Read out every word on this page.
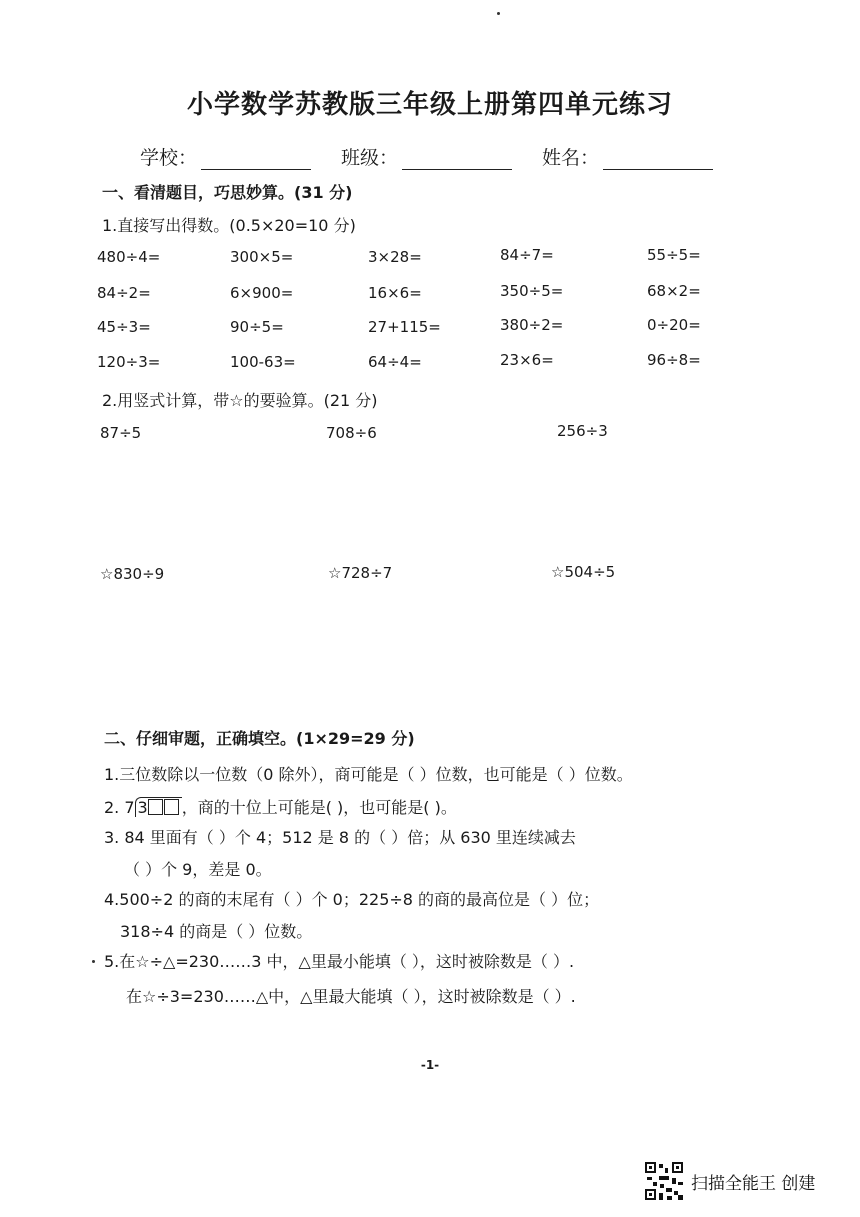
小学数学苏教版三年级上册第四单元练习
学校：	班级：	姓名：
一、看清题目，巧思妙算。(31 分)
1.直接写出得数。(0.5×20=10 分)
480÷4=	300×5=	3×28=	84÷7=	55÷5=
84÷2=	6×900=	16×6=	350÷5=	68×2=
45÷3=	90÷5=	27+115=	380÷2=	0÷20=
120÷3=	100-63=	64÷4=	23×6=	96÷8=
2.用竖式计算，带☆的要验算。(21 分)
87÷5	708÷6	256÷3
☆830÷9	☆728÷7	☆504÷5
二、仔细审题，正确填空。(1×29=29 分)
1.三位数除以一位数（0 除外），商可能是（ ）位数，也可能是（ ）位数。
2. 7 3 ，商的十位上可能是( )，也可能是( )。
3. 84 里面有（ ）个 4；512 是 8 的（ ）倍；从 630 里连续减去
（ ）个 9，差是 0。
4.500÷2 的商的末尾有（ ）个 0；225÷8 的商的最高位是（ ）位；
318÷4 的商是（ ）位数。
5.在☆÷△=230……3 中，△里最小能填（ ），这时被除数是（ ）.
在☆÷3=230……△中，△里最大能填（ ），这时被除数是（ ）.
-1-
扫描全能王 创建
